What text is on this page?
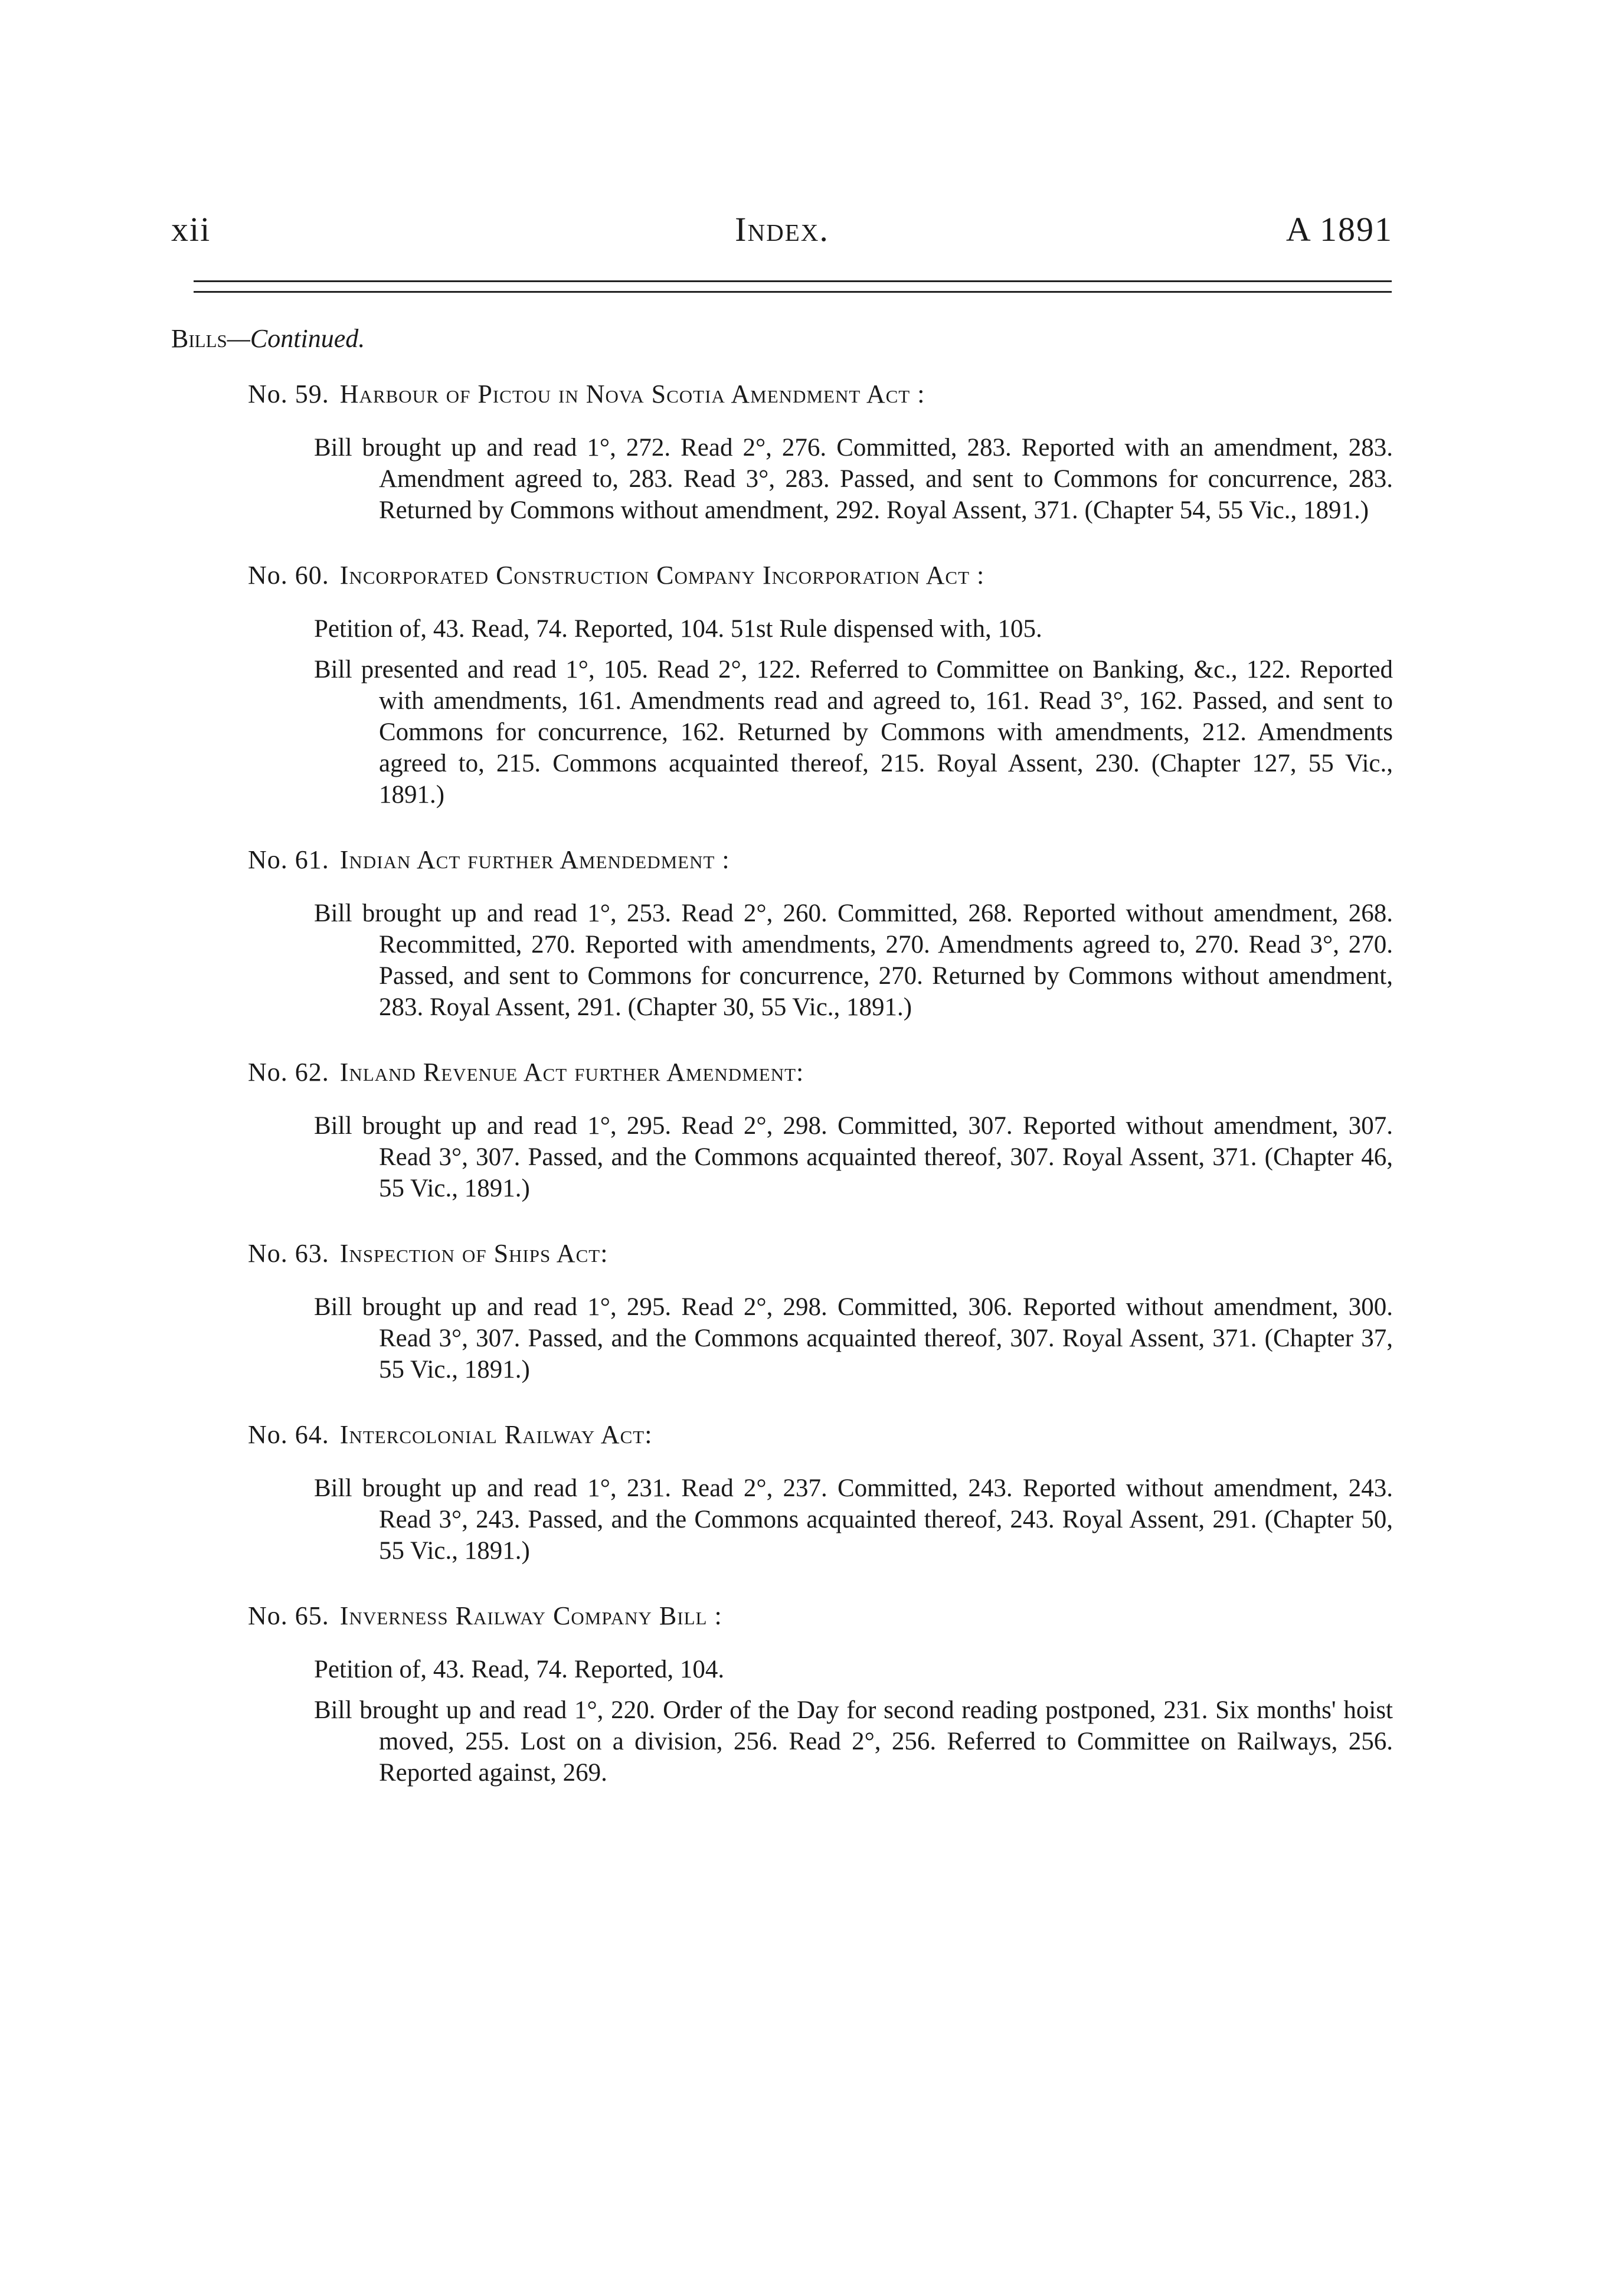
xii	Index.	A 1891
Bills—Continued.
No. 59. Harbour of Pictou in Nova Scotia Amendment Act :
Bill brought up and read 1°, 272. Read 2°, 276. Committed, 283. Reported with an amendment, 283. Amendment agreed to, 283. Read 3°, 283. Passed, and sent to Commons for concurrence, 283. Returned by Commons without amendment, 292. Royal Assent, 371. (Chapter 54, 55 Vic., 1891.)
No. 60. Incorporated Construction Company Incorporation Act :
Petition of, 43. Read, 74. Reported, 104. 51st Rule dispensed with, 105.
Bill presented and read 1°, 105. Read 2°, 122. Referred to Committee on Banking, &c., 122. Reported with amendments, 161. Amendments read and agreed to, 161. Read 3°, 162. Passed, and sent to Commons for concurrence, 162. Returned by Commons with amendments, 212. Amendments agreed to, 215. Commons acquainted thereof, 215. Royal Assent, 230. (Chapter 127, 55 Vic., 1891.)
No. 61. Indian Act further Amendedment :
Bill brought up and read 1°, 253. Read 2°, 260. Committed, 268. Reported without amendment, 268. Recommitted, 270. Reported with amendments, 270. Amendments agreed to, 270. Read 3°, 270. Passed, and sent to Commons for concurrence, 270. Returned by Commons without amendment, 283. Royal Assent, 291. (Chapter 30, 55 Vic., 1891.)
No. 62. Inland Revenue Act further Amendment:
Bill brought up and read 1°, 295. Read 2°, 298. Committed, 307. Reported without amendment, 307. Read 3°, 307. Passed, and the Commons acquainted thereof, 307. Royal Assent, 371. (Chapter 46, 55 Vic., 1891.)
No. 63. Inspection of Ships Act:
Bill brought up and read 1°, 295. Read 2°, 298. Committed, 306. Reported without amendment, 300. Read 3°, 307. Passed, and the Commons acquainted thereof, 307. Royal Assent, 371. (Chapter 37, 55 Vic., 1891.)
No. 64. Intercolonial Railway Act:
Bill brought up and read 1°, 231. Read 2°, 237. Committed, 243. Reported without amendment, 243. Read 3°, 243. Passed, and the Commons acquainted thereof, 243. Royal Assent, 291. (Chapter 50, 55 Vic., 1891.)
No. 65. Inverness Railway Company Bill :
Petition of, 43. Read, 74. Reported, 104.
Bill brought up and read 1°, 220. Order of the Day for second reading postponed, 231. Six months' hoist moved, 255. Lost on a division, 256. Read 2°, 256. Referred to Committee on Railways, 256. Reported against, 269.
